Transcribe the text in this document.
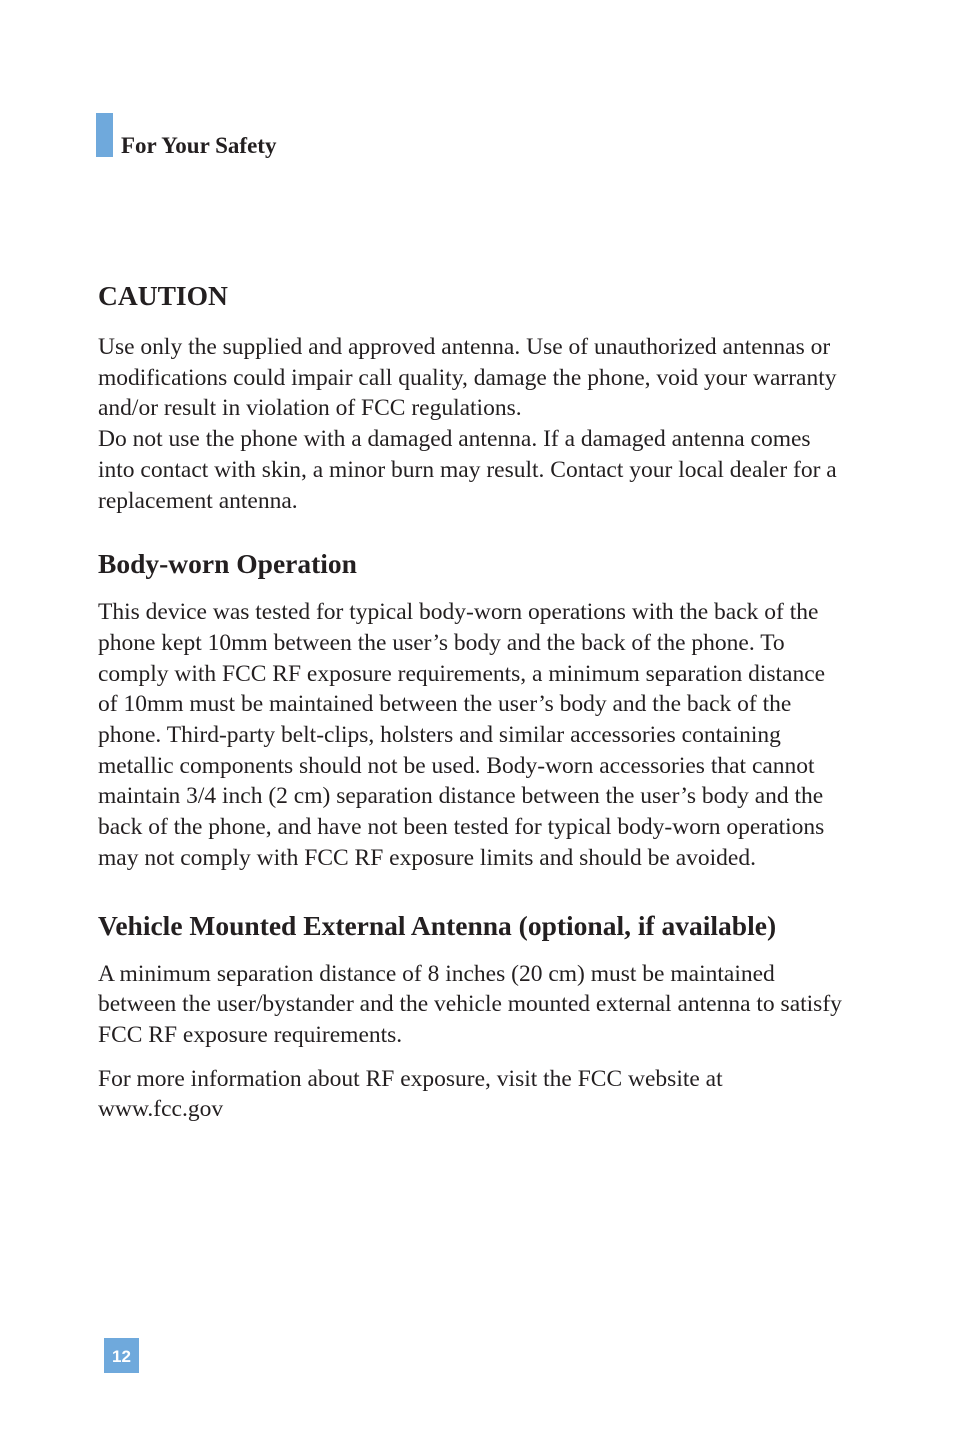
For Your Safety
CAUTION

Use only the supplied and approved antenna. Use of unauthorized antennas or modifications could impair call quality, damage the phone, void your warranty and/or result in violation of FCC regulations.

Do not use the phone with a damaged antenna. If a damaged antenna comes into contact with skin, a minor burn may result. Contact your local dealer for a replacement antenna.

Body-worn Operation

This device was tested for typical body-worn operations with the back of the phone kept 10mm between the user’s body and the back of the phone. To comply with FCC RF exposure requirements, a minimum separation distance of 10mm must be maintained between the user’s body and the back of the phone. Third-party belt-clips, holsters and similar accessories containing metallic components should not be used. Body-worn accessories that cannot maintain 3/4 inch (2 cm) separation distance between the user’s body and the back of the phone, and have not been tested for typical body-worn operations may not comply with FCC RF exposure limits and should be avoided.

Vehicle Mounted External Antenna (optional, if available)

A minimum separation distance of 8 inches (20 cm) must be maintained between the user/bystander and the vehicle mounted external antenna to satisfy FCC RF exposure requirements.

For more information about RF exposure, visit the FCC website at www.fcc.gov

12
